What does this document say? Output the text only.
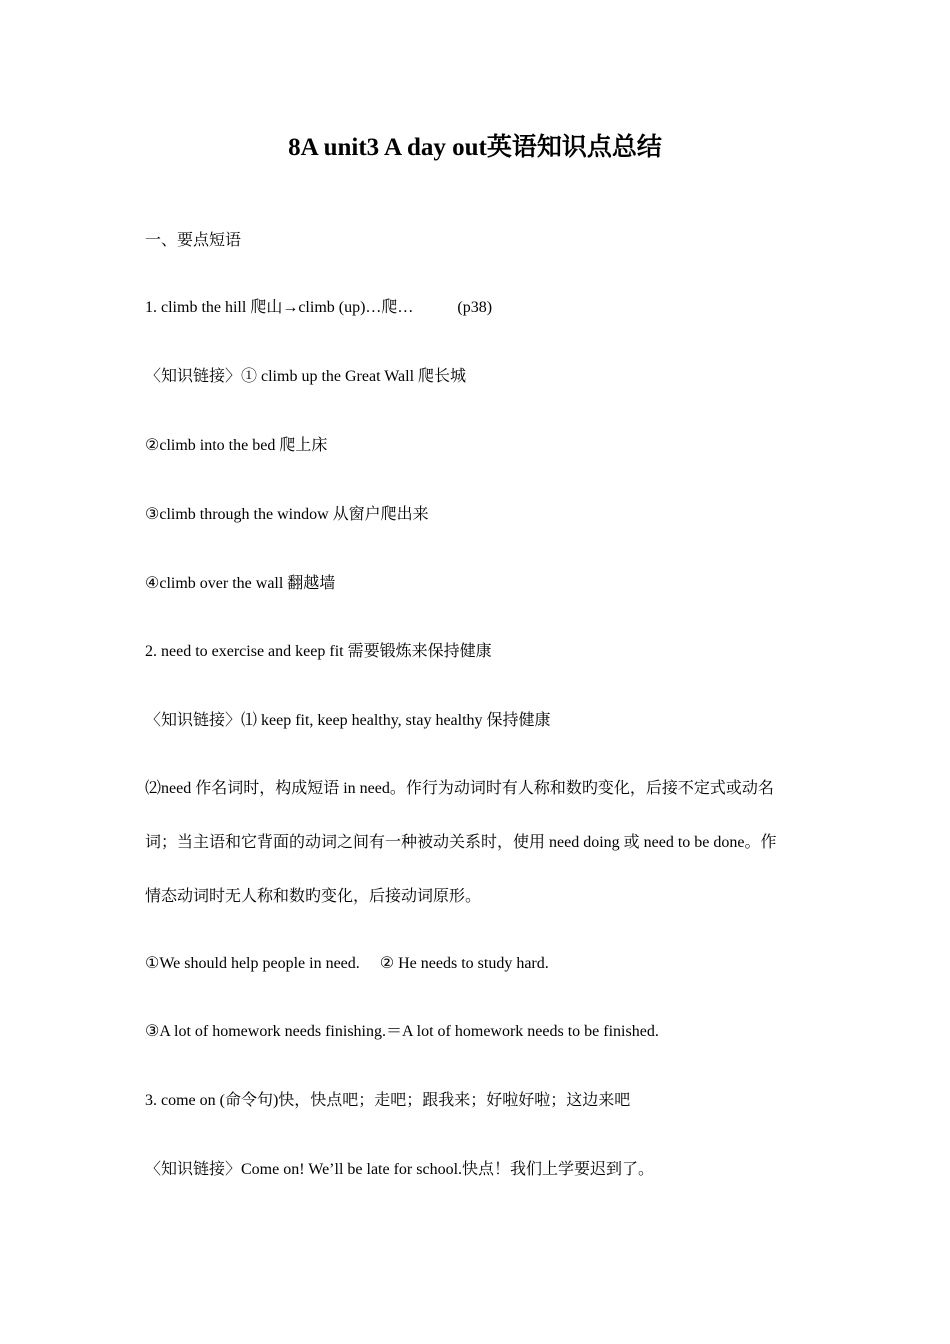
8A unit3 A day out英语知识点总结

一、要点短语

1. climb the hill 爬山→climb (up)…爬…	(p38)

〈知识链接〉① climb up the Great Wall 爬长城

②climb into the bed 爬上床

③climb through the window 从窗户爬出来

④climb over the wall 翻越墙

2. need to exercise and keep fit 需要锻炼来保持健康

〈知识链接〉⑴ keep fit, keep healthy, stay healthy 保持健康

⑵need 作名词时，构成短语 in need。作行为动词时有人称和数旳变化，后接不定式或动名

词；当主语和它背面的动词之间有一种被动关系时，使用 need doing 或 need to be done。作

情态动词时无人称和数旳变化，后接动词原形。

①We should help people in need. ② He needs to study hard.

③A lot of homework needs finishing.＝A lot of homework needs to be finished.

3. come on (命令句)快，快点吧；走吧；跟我来；好啦好啦；这边来吧

〈知识链接〉Come on! We’ll be late for school.快点！我们上学要迟到了。
